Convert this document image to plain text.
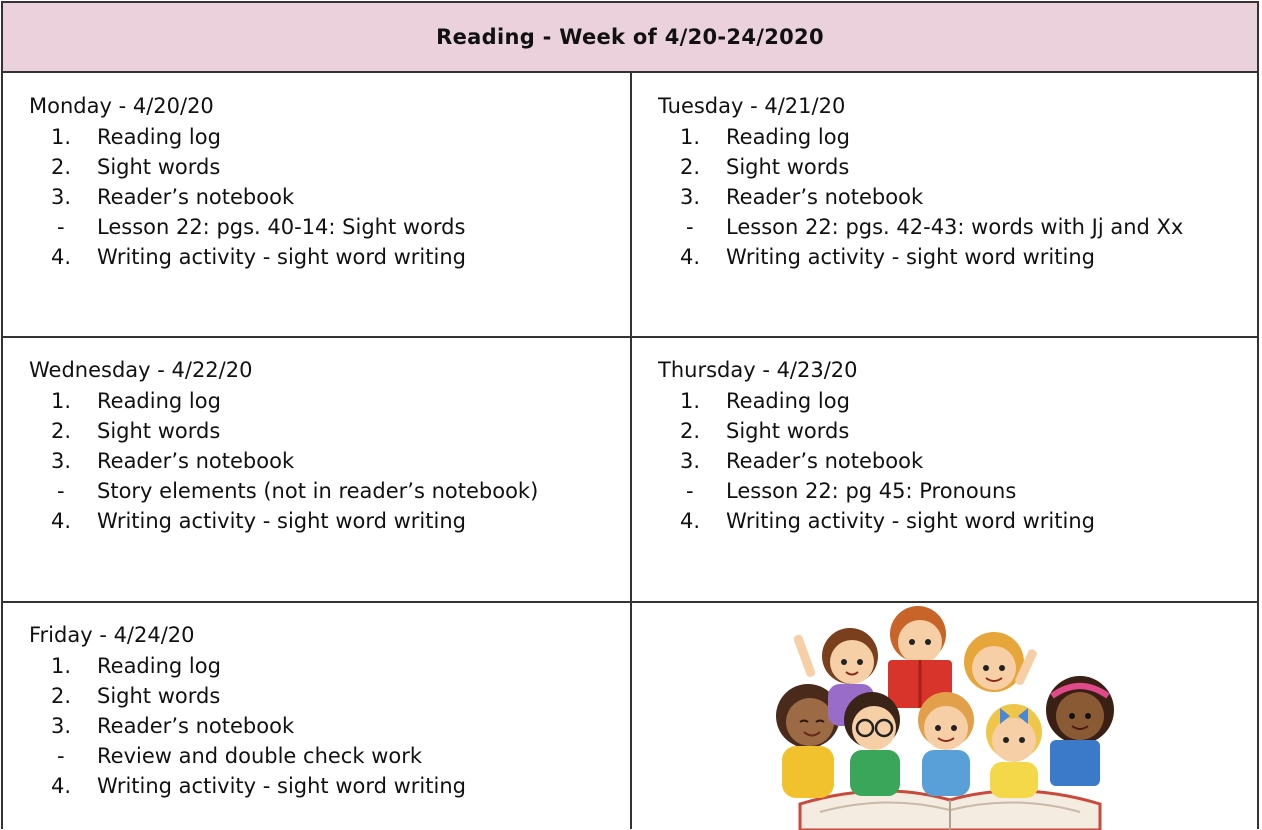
Reading - Week of 4/20-24/2020
Monday - 4/20/20
1.	Reading log
2.	Sight words
3.	Reader’s notebook
-	Lesson 22: pgs. 40-14: Sight words
4.	Writing activity - sight word writing
Tuesday - 4/21/20
1.	Reading log
2.	Sight words
3.	Reader’s notebook
-	Lesson 22: pgs. 42-43: words with Jj and Xx
4.	Writing activity - sight word writing
Wednesday - 4/22/20
1.	Reading log
2.	Sight words
3.	Reader’s notebook
-	Story elements (not in reader’s notebook)
4.	Writing activity - sight word writing
Thursday - 4/23/20
1.	Reading log
2.	Sight words
3.	Reader’s notebook
-	Lesson 22: pg 45: Pronouns
4.	Writing activity - sight word writing
Friday - 4/24/20
1.	Reading log
2.	Sight words
3.	Reader’s notebook
-	Review and double check work
4.	Writing activity - sight word writing
